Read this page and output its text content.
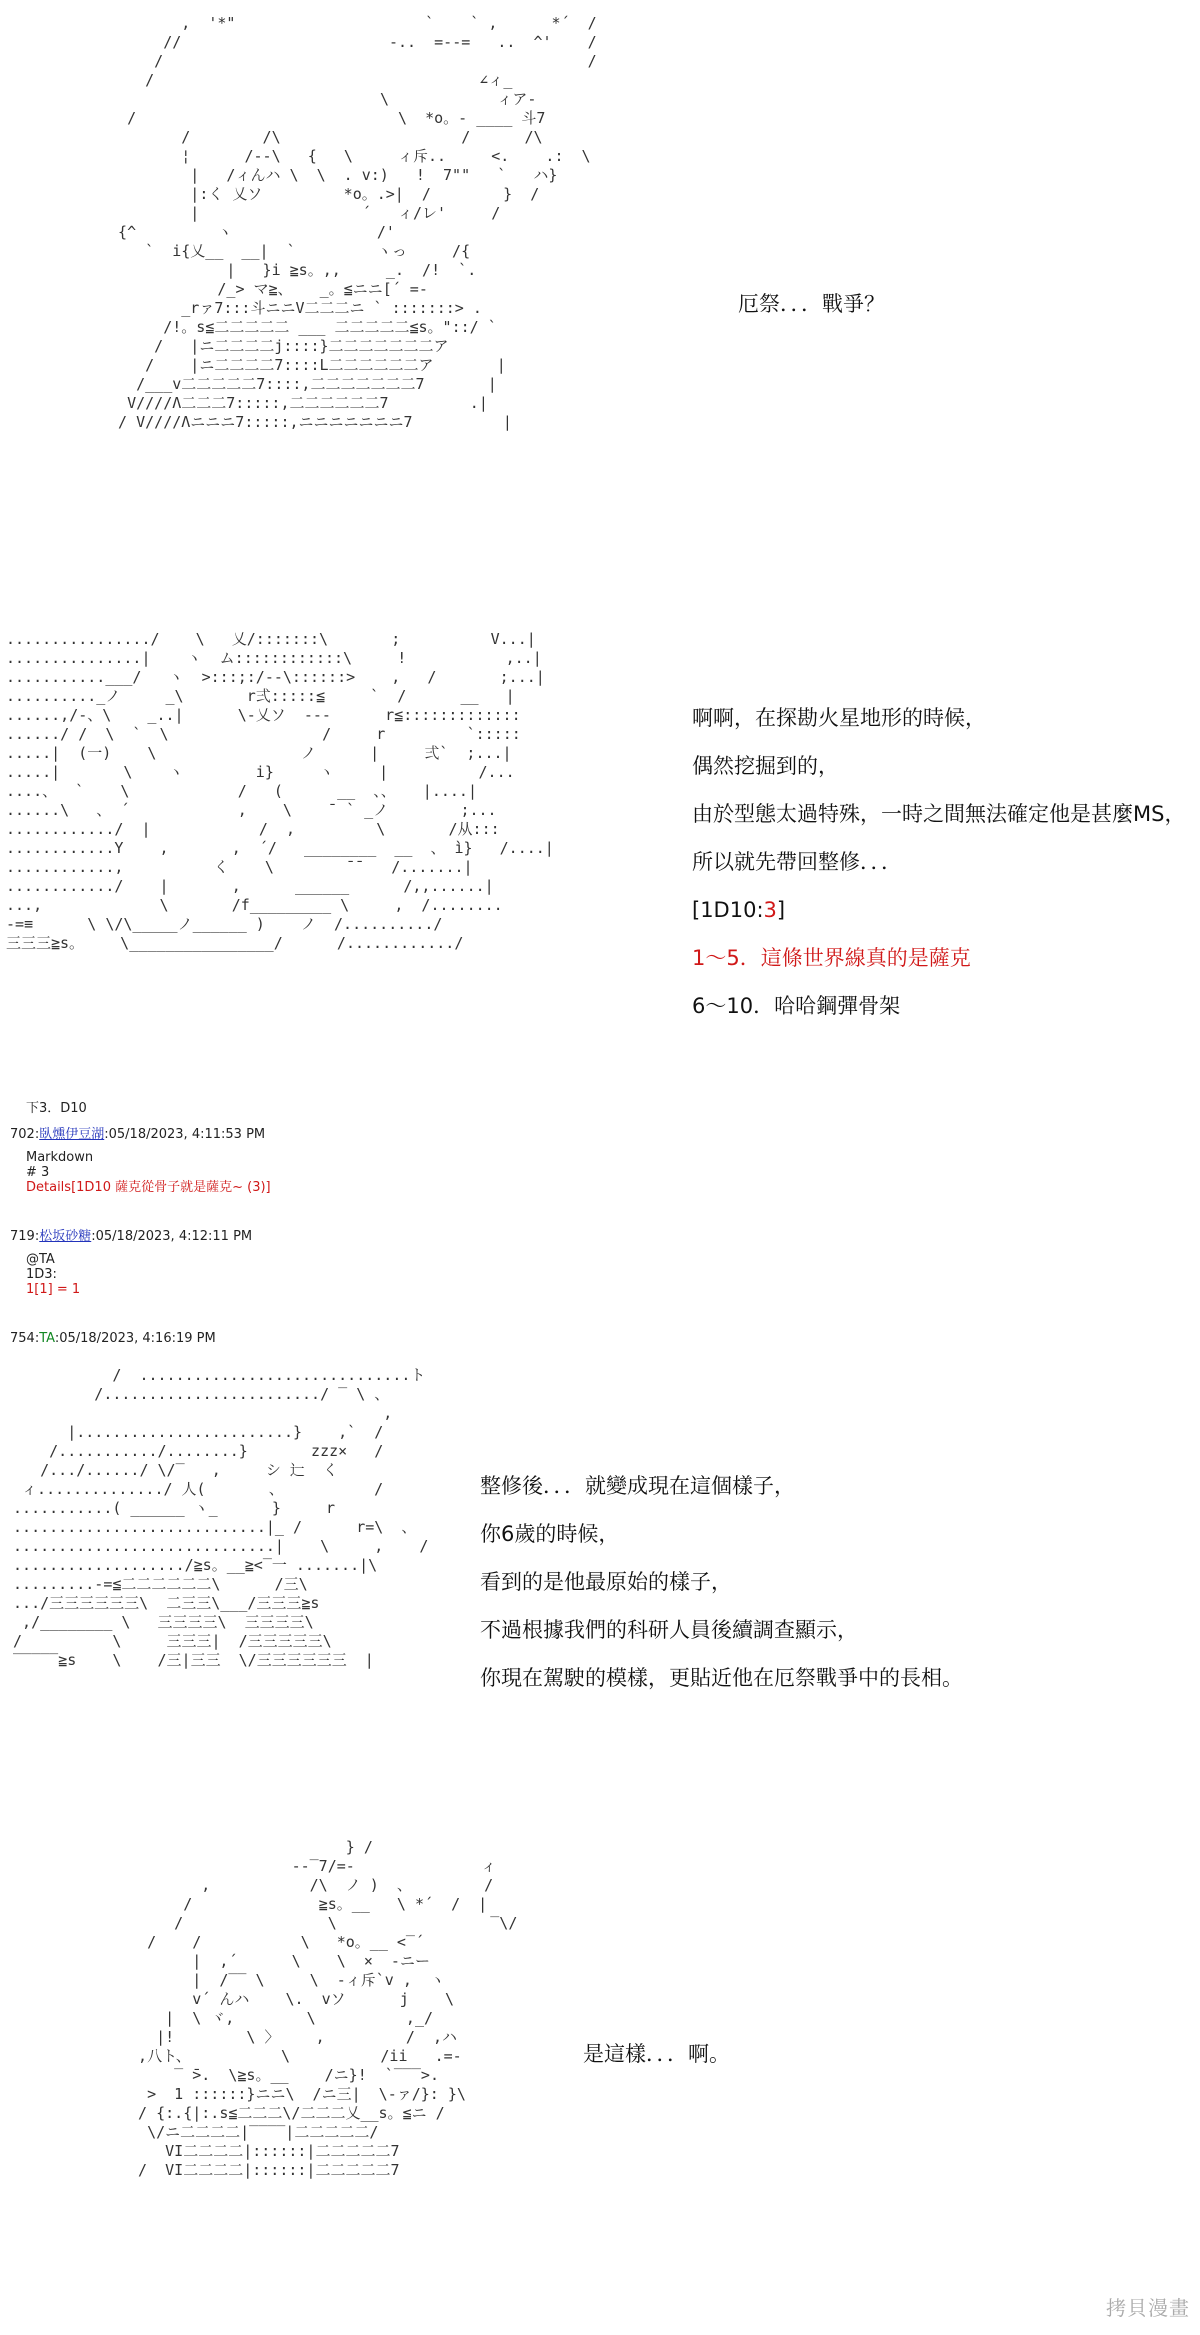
,  '*"                     `    ` ,      *´  /
//                       -..  =--=   ..  ^'    /
/                                               /
/                                    ∠ィ_
\            ィア-
/                             \  *o。- ____ 斗7
/        /\                    /      /\
¦      /--\   {   \     ィ斥..     <.    .:  \
|   /ィんハ \  \  . v:)   !  7""   `   ハ}
|:く 乂ソ         *o。.>|  /        }  /
|                  ´   ィ/レ'     /
{^         ヽ                /'
`  i{乂__  __|  `         ヽっ     /{
|   }i ≧s。,,     _.  /!  `.
/_> マ≧、   _。≦ニニ[´ =-
_rァ7:::斗ニニV二二二ニ ` :::::::> .
/!。s≦二二二二二 ___ 二二二二二≦s。"::/ `
/   |ニ二二二二j::::}二二二二二二二ア
/    |ニ二二二二7::::L二二二二二二ア       |
/___v二二二二二7::::,二二二二二二二7       |
V////Λ二二二7:::::,二二二二二二7         .|
/ V////Λニニニ7:::::,ニニニニニニニ7          |

厄祭．．．戰爭？
................/    \   乂/:::::::\       ;          V...|
...............|    ヽ  ム::::::::::::\     !           ,..|
...........___/   ヽ  >:::;:/--\::::::>    ,   /       ;...|
.........._ノ     _\       r弍:::::≦     `  /      __   |
......,/-、\    _..|      \-乂ソ  ---      r≦:::::::::::::
....../ /  \  `  \                 /     r         `:::::
.....|  (一)    \                ノ      |     弍`  ;...|
.....|       \    ヽ        i}     ヽ     |          /...
....、  `    \            /   (      __  、、   |....|
......\   、 ´            ,    \    ̄  ` _ノ        ;...
............/  |            /  ,         \       /从:::
............Y    ,       ,  ´/   ________  __  、 ì}   /....|
............,          く    \        ̄ ̄    /.......|
............/    |       ,      ______      /,,......|
...,             \       /f_________ \     ,  /........
-=≡      \ \/\_____ノ______ )    ノ  /........../
三三三≧s。    \________________/      /............/

啊啊，在探勘火星地形的時候，
偶然挖掘到的，
由於型態太過特殊，一時之間無法確定他是甚麼MS，
所以就先帶回整修．．．
[1D10:3]
1～5．這條世界線真的是薩克
6～10．哈哈鋼彈骨架
下3．D10
702:臥燻伊豆湖:05/18/2023, 4:11:53 PM
Markdown
# 3
Details[1D10 薩克從骨子就是薩克~ (3)]
719:松坂砂糖:05/18/2023, 4:12:11 PM
@TA
1D3:
1[1] = 1
754:TA:05/18/2023, 4:16:19 PM
/  ..............................ト
/......................../ ‾ \ 、
,
|........................}    ,`  /
/.........../........}       zzz×   /
/.../....../ \/‾   ,     シ 辷  く
ィ............../ 人(       、          /
...........( ______ ヽ_      }     r
............................|_ /      r=\  、
.............................|    \     ,    /
.................../≧s。__≧<‾一 .......|\
.........-=≦二二二二二二\      /三\
.../三三三三三三\  二三三\___/三三三≧s
,/________ \   三三三三\  三三三三\
/          \     三三三|  /三三三三三\
‾‾‾‾‾≧s    \    /三|三三  \/三三三三三三  |

整修後．．．就變成現在這個樣子，
你6歲的時候，
看到的是他最原始的樣子，
不過根據我們的科研人員後續調查顯示，
你現在駕駛的模樣，更貼近他在厄祭戰爭中的長相。
} /
--‾7/=-              ィ
,           /\  ノ )  、        /
/              ≧s。__   \ *´  /  |
/                \                 ‾\/
/    /           \   *o。__ <‾´
|  ,´      \    \  ×  -ニー
|  /‾‾ \     \  -ィ斥`v ,  ヽ
v´ んハ    \.  vソ      j    \
|  \ ヾ,        \          ,_/
|!        \ 〉    ,         /  ,ハ
,八ト、          \          /ii   .=-
‾ ̄>.  \≧s。__    /ニ}!  `‾‾‾>.
>  1 ::::::}ニニ\  /ニ三|  \‐ァ/}: }\
/ {:.{|:.s≦二二二\/二二二乂__s。≦ニ /
\/ニ二二二二|‾‾‾‾|二二二二二/
VI二二二二|::::::|二二二二二7
/  VI二二二二|::::::|二二二二二7

是這樣．．．啊。
拷貝漫畫
